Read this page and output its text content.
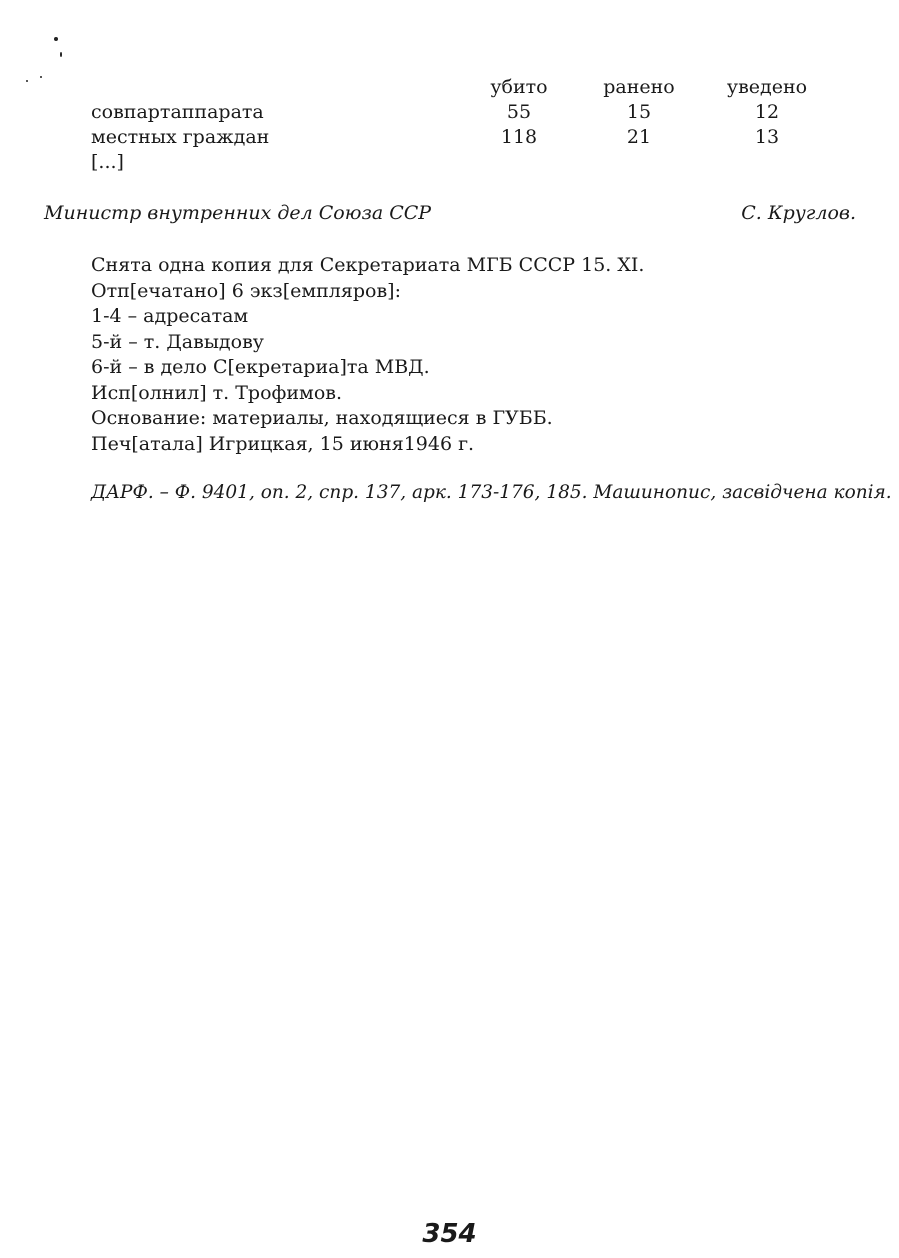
	убито	ранено	уведено
совпартаппарата	55	15	12
местных граждан	118	21	13
[...]
Министр внутренних дел Союза ССР	С. Круглов.
Снята одна копия для Секретариата МГБ СССР 15. XI.
Отп[ечатано] 6 экз[емпляров]:
1-4 – адресатам
5-й – т. Давыдову
6-й – в дело С[екретариа]та МВД.
Исп[олнил] т. Трофимов.
Основание: материалы, находящиеся в ГУББ.
Печ[атала] Игрицкая, 15 июня1946 г.
ДАРФ. – Ф. 9401, оп. 2, спр. 137, арк. 173-176, 185. Машинопис, засвідчена копія.
354
